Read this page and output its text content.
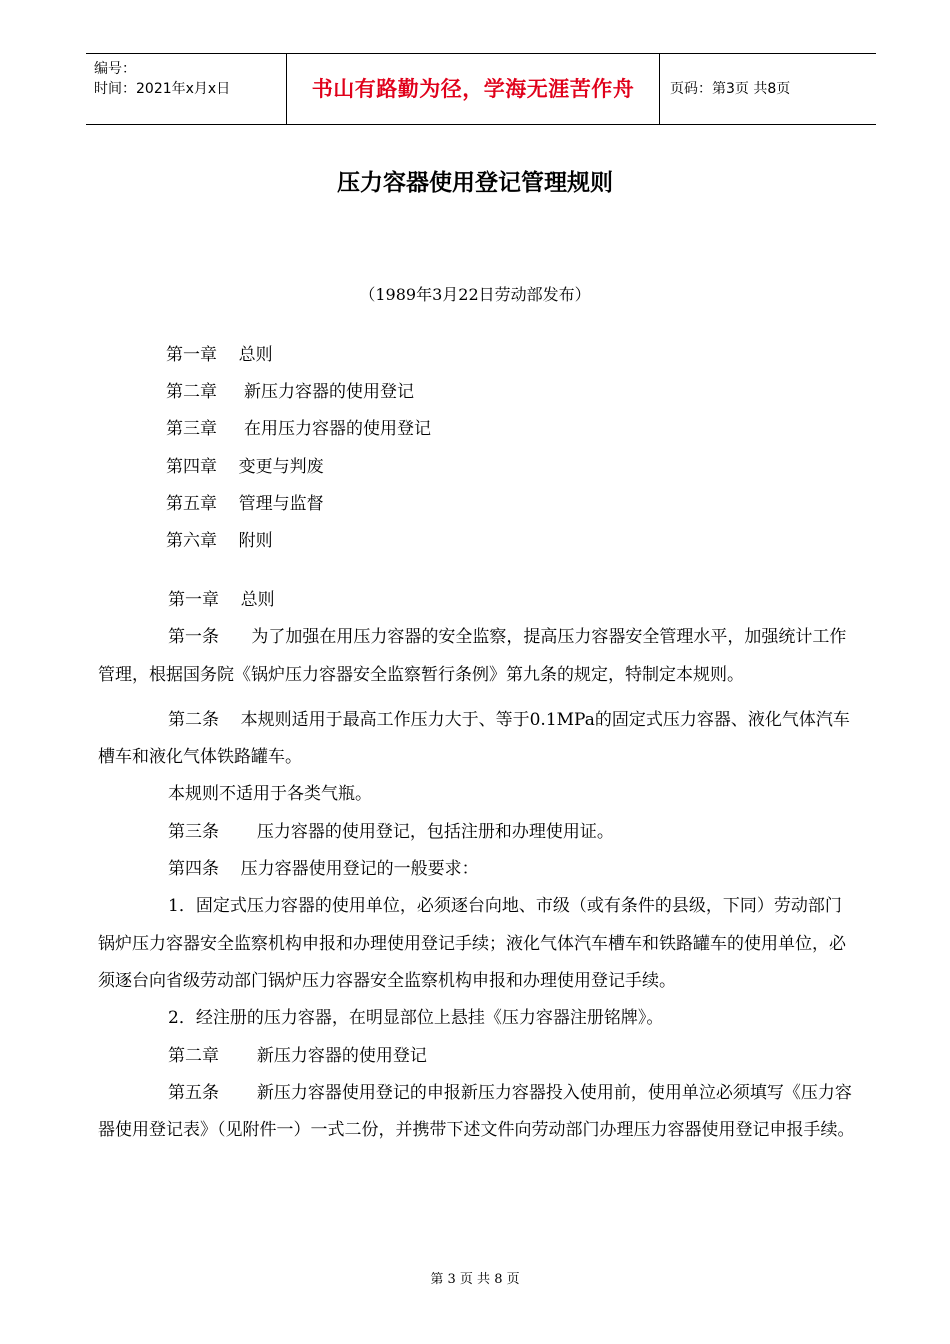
编号：
时间：2021年x月x日	书山有路勤为径，学海无涯苦作舟	页码：第3页 共8页
压力容器使用登记管理规则
（1989年3月22日劳动部发布）
第一章    总则
第二章     新压力容器的使用登记
第三章     在用压力容器的使用登记
第四章    变更与判废
第五章    管理与监督
第六章    附则

第一章    总则

第一条      为了加强在用压力容器的安全监察，提高压力容器安全管理水平，加强统计工作管理，根据国务院《锅炉压力容器安全监察暂行条例》第九条的规定，特制定本规则。

第二条    本规则适用于最高工作压力大于、等于0.1MPa的固定式压力容器、液化气体汽车槽车和液化气体铁路罐车。

本规则不适用于各类气瓶。

第三条       压力容器的使用登记，包括注册和办理使用证。

第四条    压力容器使用登记的一般要求：

1．固定式压力容器的使用单位，必须逐台向地、市级（或有条件的县级，下同）劳动部门锅炉压力容器安全监察机构申报和办理使用登记手续；液化气体汽车槽车和铁路罐车的使用单位，必须逐台向省级劳动部门锅炉压力容器安全监察机构申报和办理使用登记手续。

2．经注册的压力容器，在明显部位上悬挂《压力容器注册铭牌》。

第二章       新压力容器的使用登记

第五条       新压力容器使用登记的申报新压力容器投入使用前，使用单泣必须填写《压力容器使用登记表》（见附件一）一式二份，并携带下述文件向劳动部门办理压力容器使用登记申报手续。

第 3 页 共 8 页
